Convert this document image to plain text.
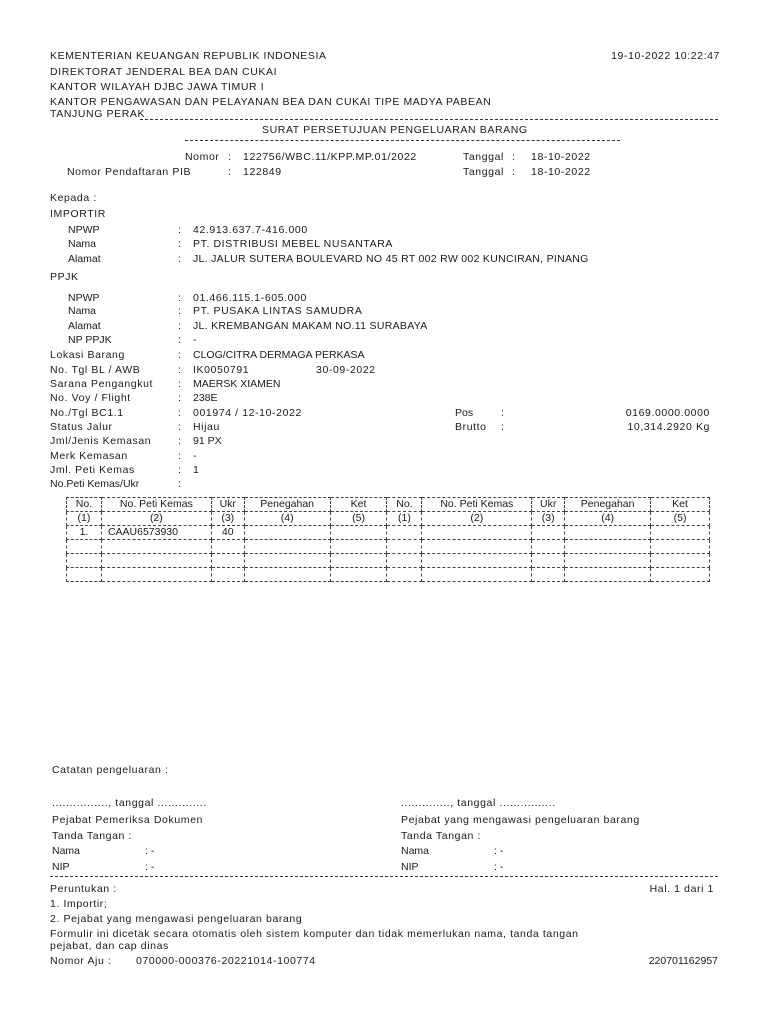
KEMENTERIAN KEUANGAN REPUBLIK INDONESIA
DIREKTORAT JENDERAL BEA DAN CUKAI
KANTOR WILAYAH DJBC JAWA TIMUR I
KANTOR PENGAWASAN DAN PELAYANAN BEA DAN CUKAI TIPE MADYA PABEAN
TANJUNG PERAK
19-10-2022 10:22:47
SURAT PERSETUJUAN PENGELUARAN BARANG
Nomor : 122756/WBC.11/KPP.MP.01/2022	Tanggal : 18-10-2022
Nomor Pendaftaran PIB	: 122849	Tanggal : 18-10-2022
Kepada :
IMPORTIR
NPWP	: 42.913.637.7-416.000
Nama	: PT. DISTRIBUSI MEBEL NUSANTARA
Alamat	: JL. JALUR SUTERA BOULEVARD NO 45 RT 002 RW 002 KUNCIRAN, PINANG
PPJK
NPWP	: 01.466.115.1-605.000
Nama	: PT. PUSAKA LINTAS SAMUDRA
Alamat	: JL. KREMBANGAN MAKAM NO.11 SURABAYA
NP PPJK	: -
Lokasi Barang	: CLOG/CITRA DERMAGA PERKASA
No. Tgl BL / AWB	: IK0050791	30-09-2022
Sarana Pengangkut : MAERSK XIAMEN
No. Voy / Flight	: 238E
No./Tgl BC1.1	: 001974 / 12-10-2022	Pos	:	0169.0000.0000
Status Jalur	: Hijau	Brutto :	10,314.2920 Kg
Jml/Jenis Kemasan	: 91 PX
Merk Kemasan	: -
Jml. Peti Kemas	: 1
No.Peti Kemas/Ukr	:
No.	No. Peti Kemas	Ukr	Penegahan	Ket	No.	No. Peti Kemas	Ukr	Penegahan	Ket
(1)	(2)	(3)	(4)	(5)	(1)	(2)	(3)	(4)	(5)
1.	CAAU6573930	40							

Catatan pengeluaran :
................, tanggal ..............
Pejabat Pemeriksa Dokumen
Tanda Tangan :
Nama	: -
NIP	: -
.............., tanggal ................
Pejabat yang mengawasi pengeluaran barang
Tanda Tangan :
Nama	: -
NIP	: -
Peruntukan :	Hal. 1 dari 1
1. Importir;
2. Pejabat yang mengawasi pengeluaran barang
Formulir ini dicetak secara otomatis oleh sistem komputer dan tidak memerlukan nama, tanda tangan
pejabat, dan cap dinas
Nomor Aju : 070000-000376-20221014-100774	220701162957
